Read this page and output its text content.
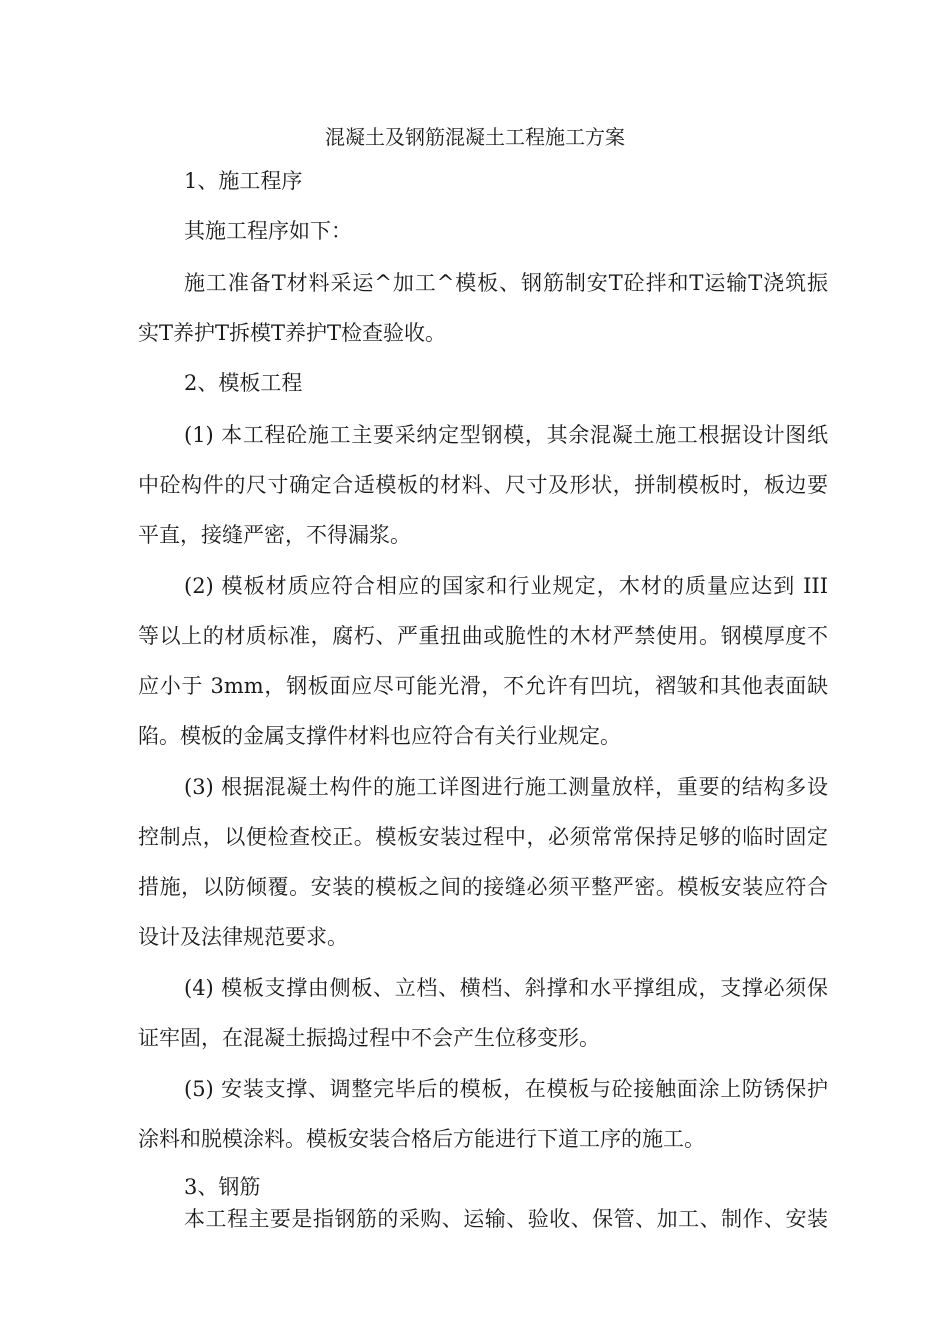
混凝土及钢筋混凝土工程施工方案
1、施工程序
其施工程序如下：
施工准备T材料采运^加工^模板、钢筋制安T砼拌和T运输T浇筑振
实T养护T拆模T养护T检查验收。
2、模板工程
(1) 本工程砼施工主要采纳定型钢模，其余混凝土施工根据设计图纸
中砼构件的尺寸确定合适模板的材料、尺寸及形状，拼制模板时，板边要
平直，接缝严密，不得漏浆。
(2) 模板材质应符合相应的国家和行业规定，木材的质量应达到 III
等以上的材质标准，腐朽、严重扭曲或脆性的木材严禁使用。钢模厚度不
应小于 3mm，钢板面应尽可能光滑，不允许有凹坑，褶皱和其他表面缺
陷。模板的金属支撑件材料也应符合有关行业规定。
(3) 根据混凝土构件的施工详图进行施工测量放样，重要的结构多设
控制点，以便检查校正。模板安装过程中，必须常常保持足够的临时固定
措施，以防倾覆。安装的模板之间的接缝必须平整严密。模板安装应符合
设计及法律规范要求。
(4) 模板支撑由侧板、立档、横档、斜撑和水平撑组成，支撑必须保
证牢固，在混凝土振捣过程中不会产生位移变形。
(5) 安装支撑、调整完毕后的模板，在模板与砼接触面涂上防锈保护
涂料和脱模涂料。模板安装合格后方能进行下道工序的施工。
3、钢筋
本工程主要是指钢筋的采购、运输、验收、保管、加工、制作、安装
